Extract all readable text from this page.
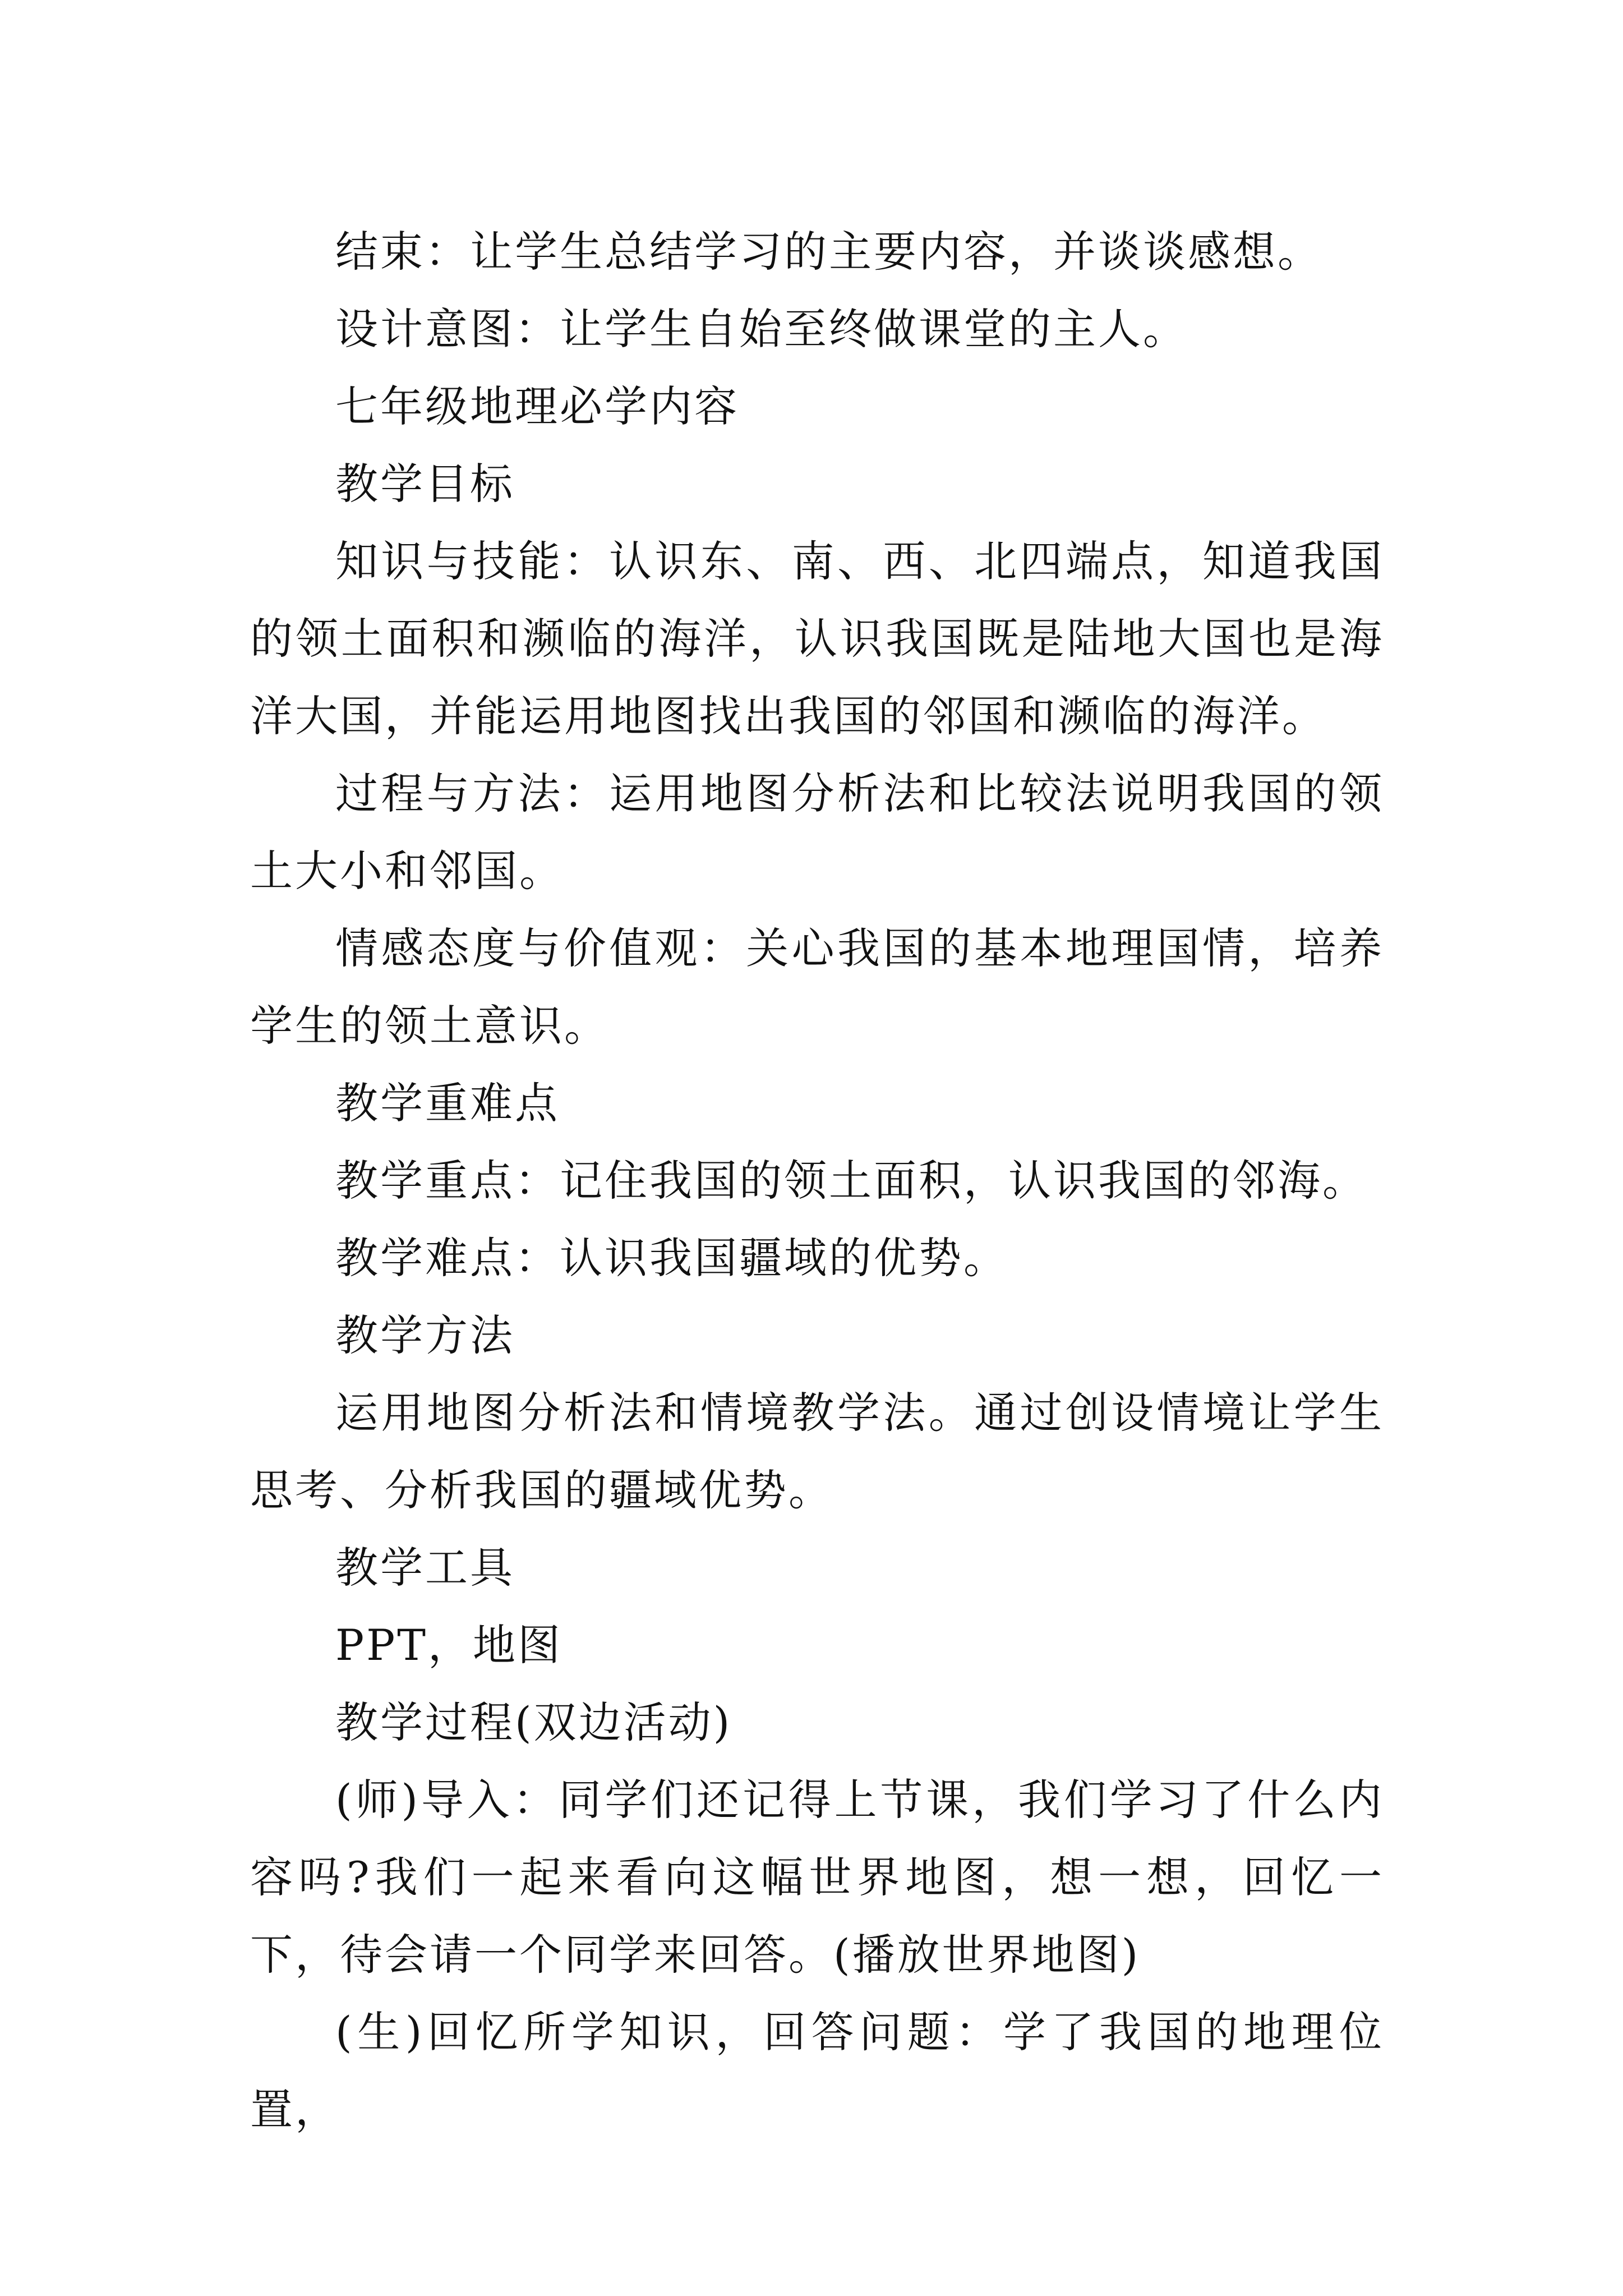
结束：让学生总结学习的主要内容，并谈谈感想。

设计意图：让学生自始至终做课堂的主人。

七年级地理必学内容

教学目标

知识与技能：认识东、南、西、北四端点，知道我国的领土面积和濒临的海洋，认识我国既是陆地大国也是海洋大国，并能运用地图找出我国的邻国和濒临的海洋。

过程与方法：运用地图分析法和比较法说明我国的领土大小和邻国。

情感态度与价值观：关心我国的基本地理国情，培养学生的领土意识。

教学重难点

教学重点：记住我国的领土面积，认识我国的邻海。

教学难点：认识我国疆域的优势。

教学方法

运用地图分析法和情境教学法。通过创设情境让学生思考、分析我国的疆域优势。

教学工具

PPT，地图

教学过程(双边活动)

(师)导入：同学们还记得上节课，我们学习了什么内容吗?我们一起来看向这幅世界地图，想一想，回忆一下，待会请一个同学来回答。(播放世界地图)

(生)回忆所学知识，回答问题：学了我国的地理位置，
